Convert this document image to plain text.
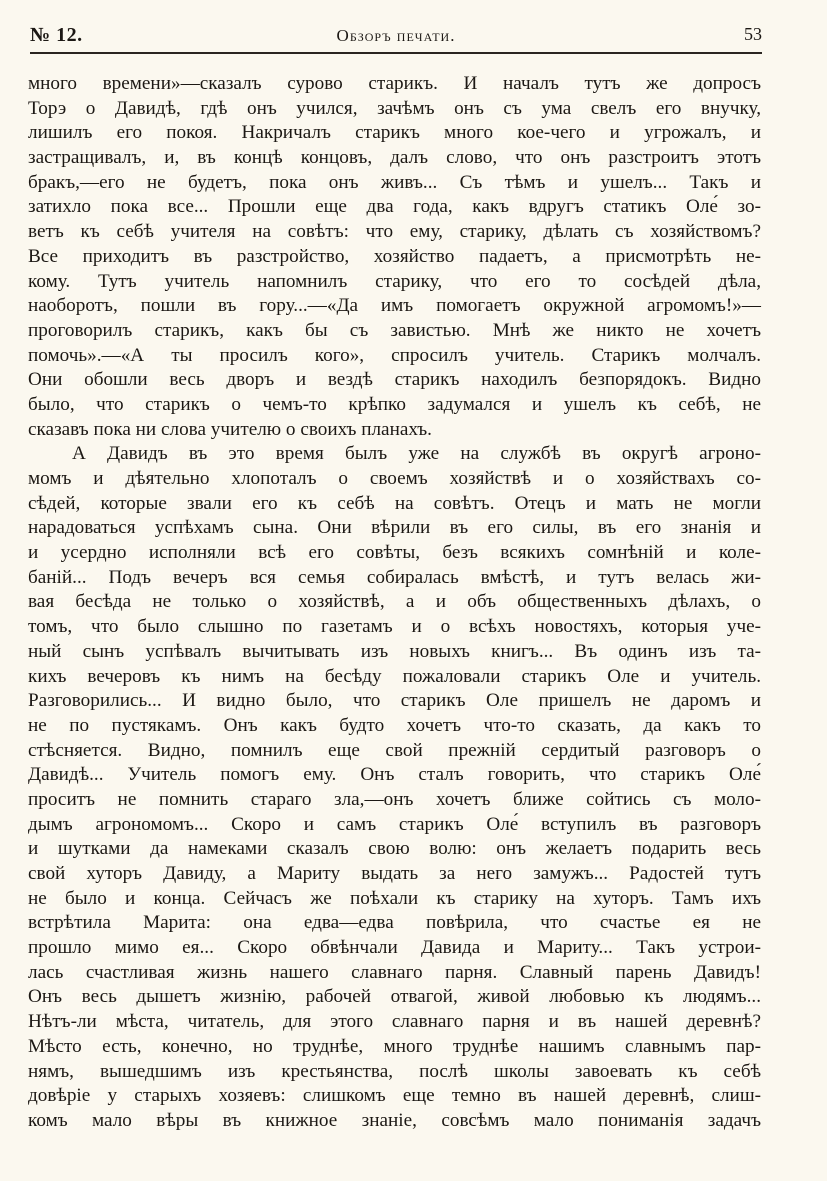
№ 12.	Обзоръ печати.	53
много времени»—сказалъ сурово старикъ. И началъ тутъ же допросъ
Торэ о Давидѣ, гдѣ онъ учился, зачѣмъ онъ съ ума свелъ его внучку,
лишилъ его покоя. Накричалъ старикъ много кое-чего и угрожалъ, и
застращивалъ, и, въ концѣ концовъ, далъ слово, что онъ разстроитъ этотъ
бракъ,—его не будетъ, пока онъ живъ... Съ тѣмъ и ушелъ... Такъ и
затихло пока все... Прошли еще два года, какъ вдругъ статикъ Оле́ зо-
ветъ къ себѣ учителя на совѣтъ: что ему, старику, дѣлать съ хозяйствомъ?
Все приходитъ въ разстройство, хозяйство падаетъ, а присмотрѣть не-
кому. Тутъ учитель напомнилъ старику, что его то сосѣдей дѣла,
наоборотъ, пошли въ гору...—«Да имъ помогаетъ окружной агромомъ!»—
проговорилъ старикъ, какъ бы съ завистью. Мнѣ же никто не хочетъ
помочь».—«А ты просилъ кого», спросилъ учитель. Старикъ молчалъ.
Они обошли весь дворъ и вездѣ старикъ находилъ безпорядокъ. Видно
было, что старикъ о чемъ-то крѣпко задумался и ушелъ къ себѣ, не
сказавъ пока ни слова учителю о своихъ планахъ.
А Давидъ въ это время былъ уже на службѣ въ округѣ агроно-
момъ и дѣятельно хлопоталъ о своемъ хозяйствѣ и о хозяйствахъ со-
сѣдей, которые звали его къ себѣ на совѣтъ. Отецъ и мать не могли
нарадоваться успѣхамъ сына. Они вѣрили въ его силы, въ его знанія и
и усердно исполняли всѣ его совѣты, безъ всякихъ сомнѣній и коле-
баній... Подъ вечеръ вся семья собиралась вмѣстѣ, и тутъ велась жи-
вая бесѣда не только о хозяйствѣ, а и объ общественныхъ дѣлахъ, о
томъ, что было слышно по газетамъ и о всѣхъ новостяхъ, которыя уче-
ный сынъ успѣвалъ вычитывать изъ новыхъ книгъ... Въ одинъ изъ та-
кихъ вечеровъ къ нимъ на бесѣду пожаловали старикъ Оле и учитель.
Разговорились... И видно было, что старикъ Оле пришелъ не даромъ и
не по пустякамъ. Онъ какъ будто хочетъ что-то сказать, да какъ то
стѣсняется. Видно, помнилъ еще свой прежній сердитый разговоръ о
Давидѣ... Учитель помогъ ему. Онъ сталъ говорить, что старикъ Оле́
проситъ не помнить стараго зла,—онъ хочетъ ближе сойтись съ моло-
дымъ агрономомъ... Скоро и самъ старикъ Оле́ вступилъ въ разговоръ
и шутками да намеками сказалъ свою волю: онъ желаетъ подарить весь
свой хуторъ Давиду, а Мариту выдать за него замужъ... Радостей тутъ
не было и конца. Сейчасъ же поѣхали къ старику на хуторъ. Тамъ ихъ
встрѣтила Марита: она едва—едва повѣрила, что счастье ея не
прошло мимо ея... Скоро обвѣнчали Давида и Мариту... Такъ устрои-
лась счастливая жизнь нашего славнаго парня. Славный парень Давидъ!
Онъ весь дышетъ жизнію, рабочей отвагой, живой любовью къ людямъ...
Нѣтъ-ли мѣста, читатель, для этого славнаго парня и въ нашей деревнѣ?
Мѣсто есть, конечно, но труднѣе, много труднѣе нашимъ славнымъ пар-
нямъ, вышедшимъ изъ крестьянства, послѣ школы завоевать къ себѣ
довѣріе у старыхъ хозяевъ: слишкомъ еще темно въ нашей деревнѣ, слиш-
комъ мало вѣры въ книжное знаніе, совсѣмъ мало пониманія задачъ
